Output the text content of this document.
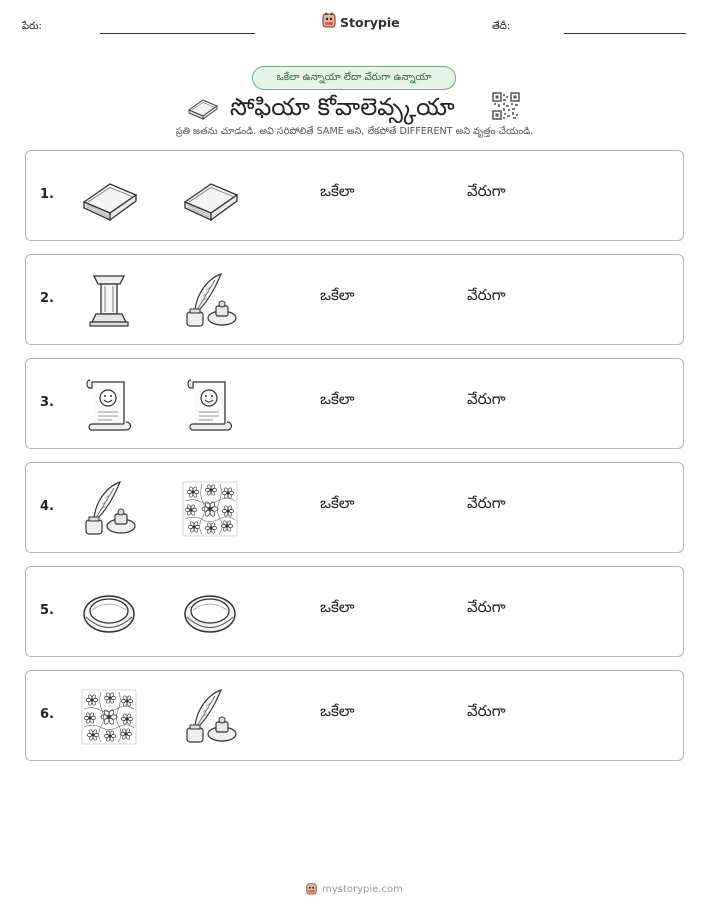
పేరు:	Storypie	తేదీ:
ఒకేలా ఉన్నాయా లేదా వేరుగా ఉన్నాయా
సోఫియా కోవాలెవ్స్కయా
ప్రతి జతను చూడండి. అవి సరిపోలితే SAME అని, లేకపోతే DIFFERENT అని వృత్తం చేయండి.
1.	ఒకేలా	వేరుగా
2.	ఒకేలా	వేరుగా
3.	ఒకేలా	వేరుగా
4.	ఒకేలా	వేరుగా
5.	ఒకేలా	వేరుగా
6.	ఒకేలా	వేరుగా
mystorypie.com
